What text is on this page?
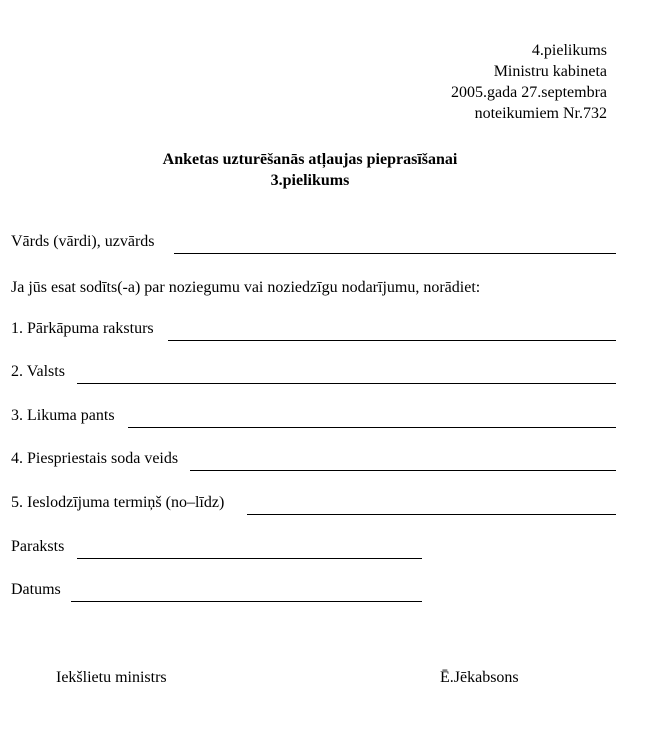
4.pielikums
Ministru kabineta
2005.gada 27.septembra
noteikumiem Nr.732
Anketas uzturēšanās atļaujas pieprasīšanai
3.pielikums
Vārds (vārdi), uzvārds
Ja jūs esat sodīts(-a) par noziegumu vai noziedzīgu nodarījumu, norādiet:
1. Pārkāpuma raksturs
2. Valsts
3. Likuma pants
4. Piespriestais soda veids
5. Ieslodzījuma termiņš (no–līdz)
Paraksts
Datums
Iekšlietu ministrs	Ē.Jēkabsons
